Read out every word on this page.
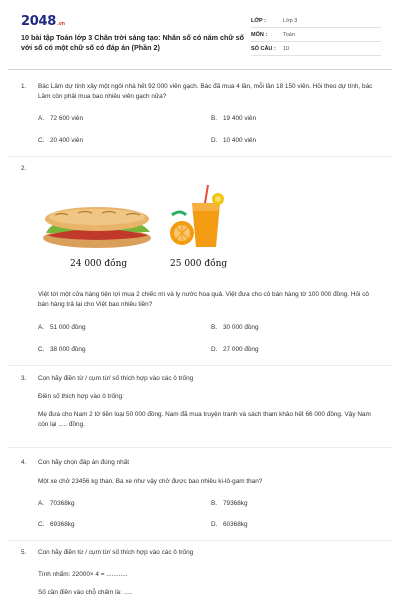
2048.vn
10 bài tập Toán lớp 3 Chân trời sáng tạo: Nhân số có năm chữ số với số có một chữ số có đáp án (Phần 2)
LỚP :	Lớp 3
MÔN :	Toán
SỐ CÂU :	10
1.	Bác Lâm dự tính xây một ngôi nhà hết 92 000 viên gạch. Bác đã mua 4 lần, mỗi lần 18 150 viên. Hỏi theo dự tính, bác Lâm còn phải mua bao nhiêu viên gạch nữa?
A. 72 600 viên	B. 19 400 viên
C. 20 400 viên	D. 10 400 viên
2.
24 000 đồng	25 000 đồng
Việt tới một cửa hàng tiện lợi mua 2 chiếc mì và ly nước hoa quả. Việt đưa cho cô bán hàng tờ 100 000 đồng. Hỏi cô bán hàng trả lại cho Việt bao nhiêu tiền?
A. 51 000 đồng	B. 30 000 đồng
C. 38 000 đồng	D. 27 000 đồng
3.	Con hãy điền từ / cụm từ/ số thích hợp vào các ô trống
Điền số thích hợp vào ô trống:
Mẹ đưa cho Nam 2 tờ tiền loại 50 000 đồng. Nam đã mua truyện tranh và sách tham khảo hết 66 000 đồng. Vậy Nam còn lại ..... đồng.
4.	Con hãy chọn đáp án đúng nhất
Một xe chở 23456 kg than. Ba xe như vậy chở được bao nhiêu ki-lô-gam than?
A. 70368kg	B. 79368kg
C. 69368kg	D. 60368kg
5.	Con hãy điền từ / cụm từ/ số thích hợp vào các ô trống
Tính nhẩm: 22000× 4 = ............
Số cần điền vào chỗ chấm là: .....
